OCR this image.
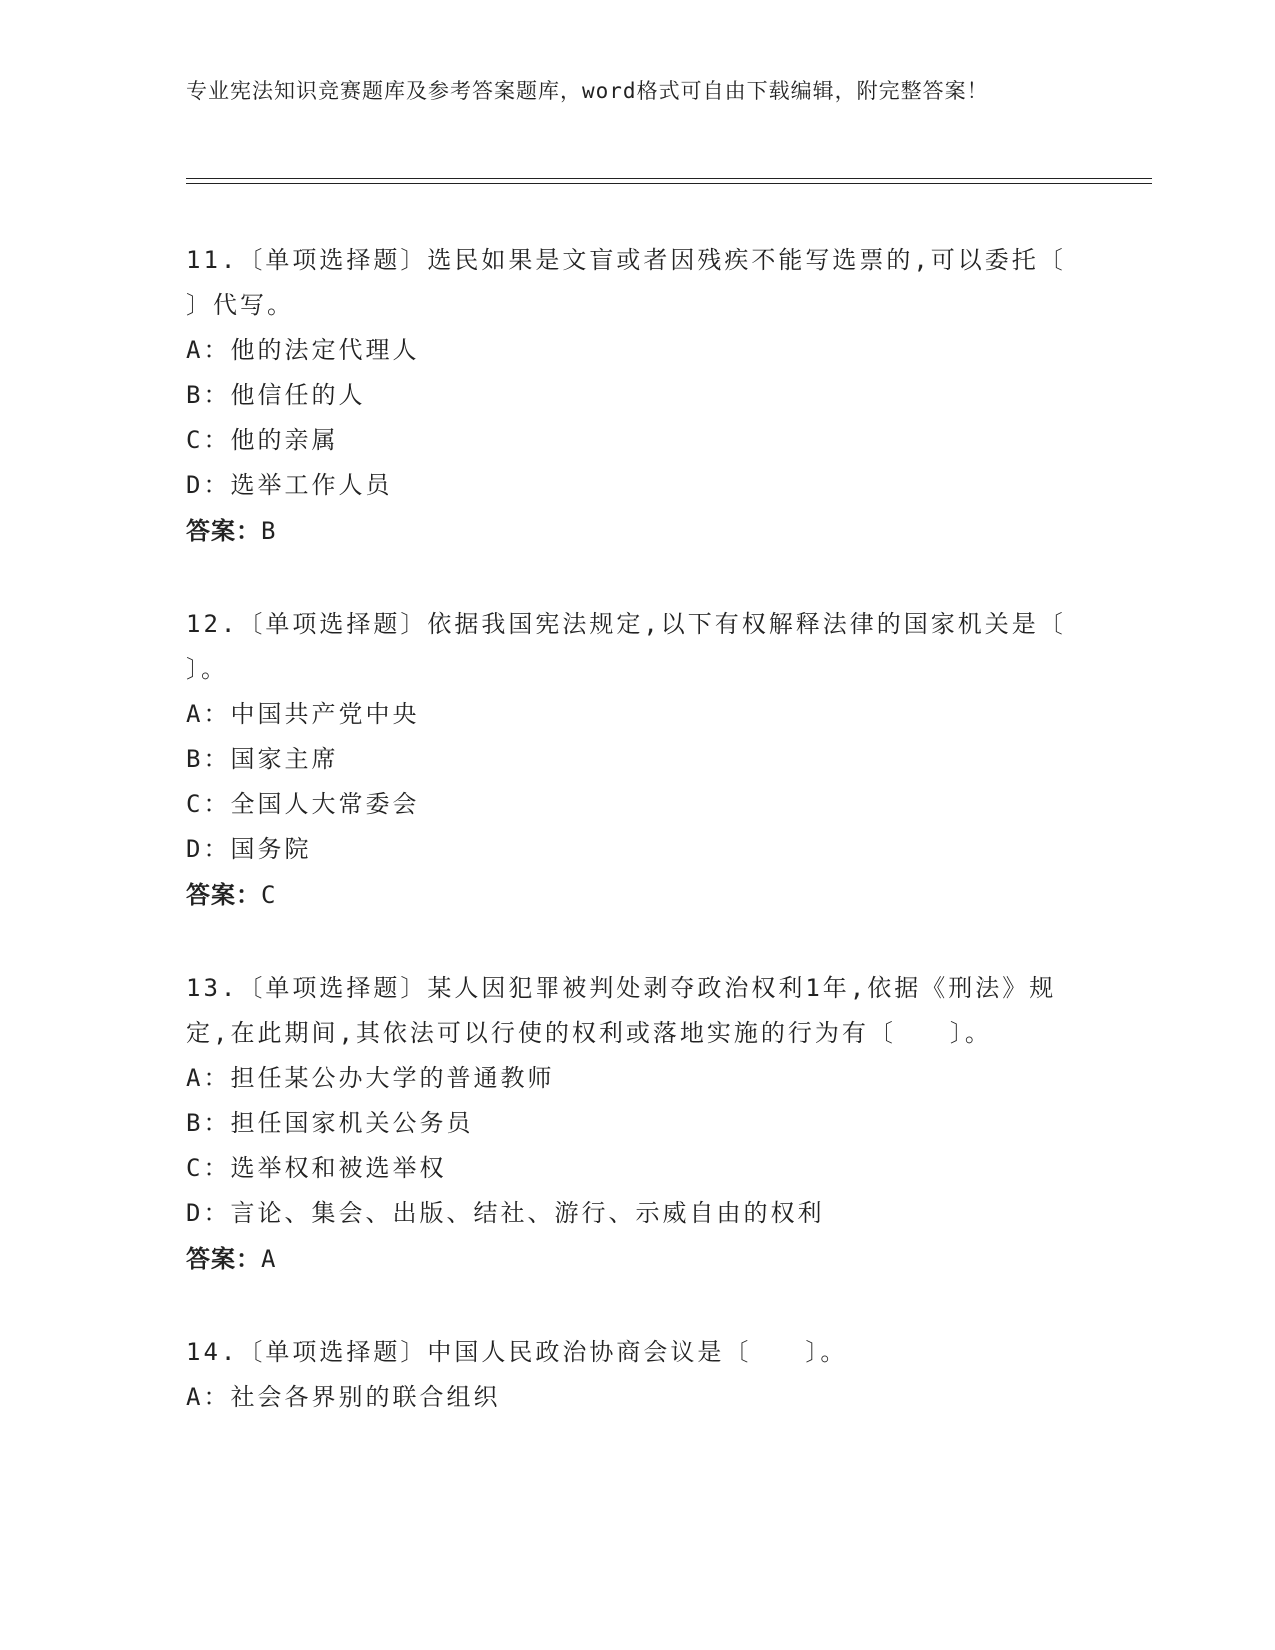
专业宪法知识竞赛题库及参考答案题库，word格式可自由下载编辑，附完整答案！
11.〔单项选择题〕选民如果是文盲或者因残疾不能写选票的,可以委托〔　　〕代写。
A：他的法定代理人
B：他信任的人
C：他的亲属
D：选举工作人员
答案：B
12.〔单项选择题〕依据我国宪法规定,以下有权解释法律的国家机关是〔　　〕。
A：中国共产党中央
B：国家主席
C：全国人大常委会
D：国务院
答案：C
13.〔单项选择题〕某人因犯罪被判处剥夺政治权利1年,依据《刑法》规定,在此期间,其依法可以行使的权利或落地实施的行为有〔　　〕。
A：担任某公办大学的普通教师
B：担任国家机关公务员
C：选举权和被选举权
D：言论、集会、出版、结社、游行、示威自由的权利
答案：A
14.〔单项选择题〕中国人民政治协商会议是〔　　〕。
A：社会各界别的联合组织
